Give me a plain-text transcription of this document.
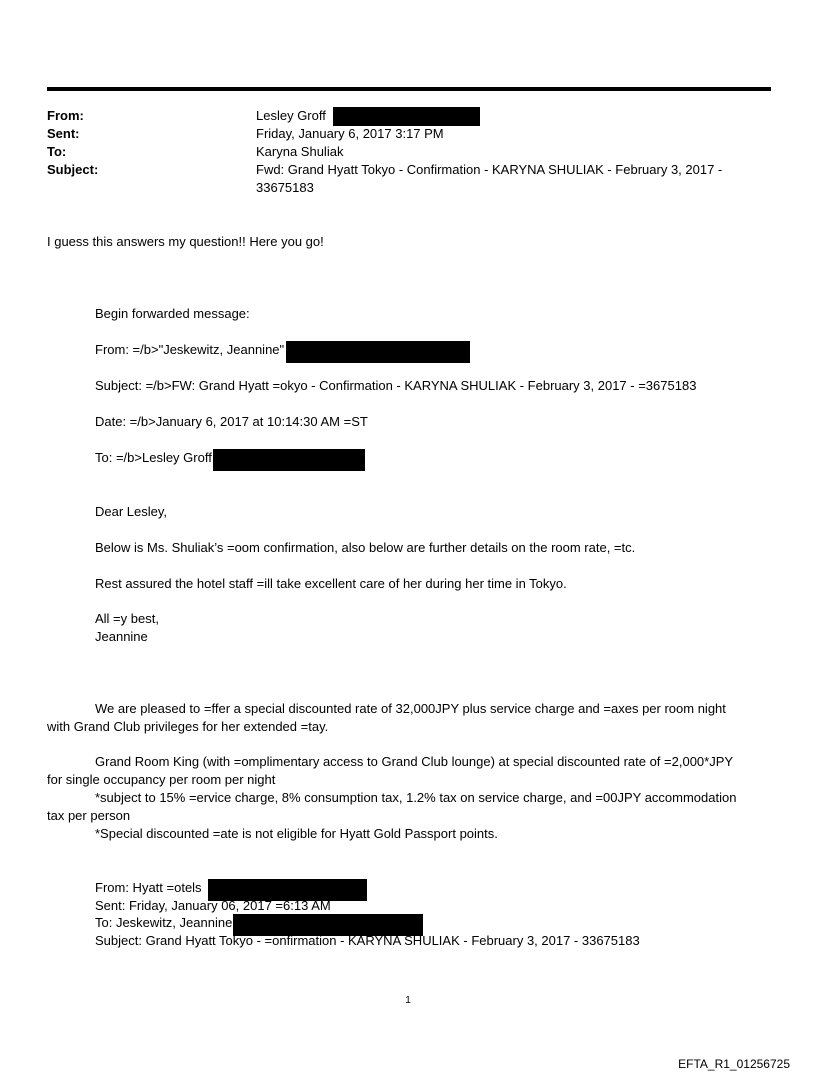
From:	Lesley Groff
Sent:	Friday, January 6, 2017 3:17 PM
To:	Karyna Shuliak
Subject:	Fwd: Grand Hyatt Tokyo - Confirmation - KARYNA SHULIAK - February 3, 2017 - 33675183
I guess this answers my question!! Here you go!
Begin forwarded message:
From: =/b>"Jeskewitz, Jeannine"
Subject: =/b>FW: Grand Hyatt =okyo - Confirmation - KARYNA SHULIAK - February 3, 2017 - =3675183
Date: =/b>January 6, 2017 at 10:14:30 AM =ST
To: =/b>Lesley Groff
Dear Lesley,
Below is Ms. Shuliak’s =oom confirmation, also below are further details on the room rate, =tc.
Rest assured the hotel staff =ill take excellent care of her during her time in Tokyo.
All =y best,
Jeannine
We are pleased to =ffer a special discounted rate of 32,000JPY plus service charge and =axes per room night
with Grand Club privileges for her extended =tay.
Grand Room King (with =omplimentary access to Grand Club lounge) at special discounted rate of =2,000*JPY
for single occupancy per room per night
*subject to 15% =ervice charge, 8% consumption tax, 1.2% tax on service charge, and =00JPY accommodation
tax per person
*Special discounted =ate is not eligible for Hyatt Gold Passport points.
From: Hyatt =otels
Sent: Friday, January 06, 2017 =6:13 AM
To: Jeskewitz, Jeannine
Subject: Grand Hyatt Tokyo - =onfirmation - KARYNA SHULIAK - February 3, 2017 - 33675183
1
EFTA_R1_01256725
